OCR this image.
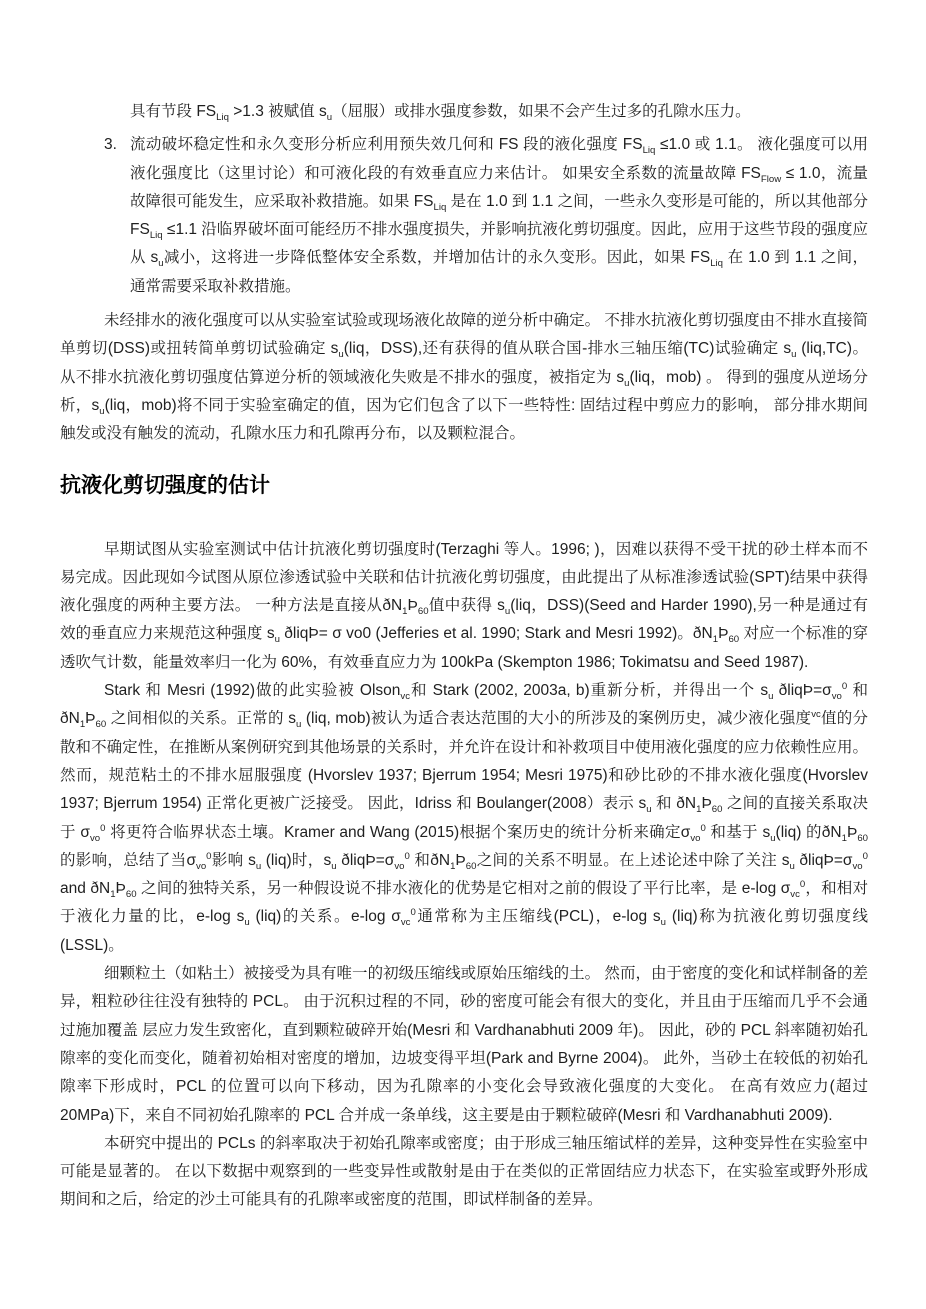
具有节段 $FS_{Liq} >1.3$ 被赋值 $s_u$（屈服）或排水强度参数，如果不会产生过多的孔隙水压力。

3. 流动破坏稳定性和永久变形分析应利用预失效几何和 FS 段的液化强度 $FS_{Liq} \le 1.0$ 或 1.1。 液化强度可以用液化强度比（这里讨论）和可液化段的有效垂直应力来估计。 如果安全系数的流量故障 $FS_{Flow} \le 1.0$，流量故障很可能发生，应采取补救措施。如果 $FS_{Liq}$ 是在 1.0 到 1.1 之间，一些永久变形是可能的，所以其他部分 $FS_{Liq} \le 1.1$ 沿临界破坏面可能经历不排水强度损失，并影响抗液化剪切强度。因此，应用于这些节段的强度应从 $s_u$减小，这将进一步降低整体安全系数，并增加估计的永久变形。因此，如果 $FS_{Liq}$ 在 1.0 到 1.1 之间，通常需要采取补救措施。

未经排水的液化强度可以从实验室试验或现场液化故障的逆分析中确定。 不排水抗液化剪切强度由不排水直接简单剪切(DSS)或扭转简单剪切试验确定 $s_u(liq$，DSS),还有获得的值从联合国-排水三轴压缩(TC)试验确定 $s_u$ (liq,TC)。 从不排水抗液化剪切强度估算逆分析的领域液化失败是不排水的强度，被指定为 $s_u(liq$，mob) 。 得到的强度从逆场分析，$s_u(liq$，mob)将不同于实验室确定的值，因为它们包含了以下一些特性: 固结过程中剪应力的影响， 部分排水期间触发或没有触发的流动，孔隙水压力和孔隙再分布，以及颗粒混合。

抗液化剪切强度的估计

早期试图从实验室测试中估计抗液化剪切强度时(Terzaghi 等人。1996; )，因难以获得不受干扰的砂土样本而不易完成。因此现如今试图从原位渗透试验中关联和估计抗液化剪切强度，由此提出了从标准渗透试验(SPT)结果中获得液化强度的两种主要方法。 一种方法是直接从$ðN_1Þ_{60}$值中获得 $s_u(liq$，DSS)(Seed and Harder 1990),另一种是通过有效的垂直应力来规范这种强度 $s_u$ ðliqÞ= σ vo0 (Jefferies et al. 1990; Stark and Mesri 1992)。$ðN_1Þ_{60}$ 对应一个标准的穿透吹气计数，能量效率归一化为 60%，有效垂直应力为 100kPa (Skempton 1986; Tokimatsu and Seed 1987).

Stark 和 Mesri (1992)做的此实验被 Olson$_{vc}$和 Stark (2002, 2003a, b)重新分析，并得出一个 $s_u$ $ðliqÞ=\sigma_{vo}^0$ 和 $ðN_1Þ_{60}$ 之间相似的关系。正常的 $s_u$ (liq, mob)被认为适合表达范围的大小的所涉及的案例历史，减少液化强度$^{vc}$值的分散和不确定性，在推断从案例研究到其他场景的关系时，并允许在设计和补救项目中使用液化强度的应力依赖性应用。 然而，规范粘土的不排水屈服强度 (Hvorslev 1937; Bjerrum 1954; Mesri 1975)和砂比砂的不排水液化强度(Hvorslev 1937; Bjerrum 1954) 正常化更被广泛接受。 因此，Idriss 和 Boulanger(2008）表示 $s_u$ 和 $ðN_1Þ_{60}$ 之间的直接关系取决于 $\sigma_{vo}^0$ 将更符合临界状态土壤。Kramer and Wang (2015)根据个案历史的统计分析来确定$\sigma_{vo}^0$ 和基于 $s_u(liq)$ 的$ðN_1Þ_{60}$ 的影响，总结了当$\sigma_{vo}^0$影响 $s_u$ (liq)时，$s_u$ $ðliqÞ=\sigma_{vo}^0$ 和$ðN_1Þ_{60}$之间的关系不明显。在上述论述中除了关注 $s_u$ $ðliqÞ=\sigma_{vo}^0$ and $ðN_1Þ_{60}$ 之间的独特关系，另一种假设说不排水液化的优势是它相对之前的假设了平行比率，是 e-log $\sigma_{vc}^0$，和相对于液化力量的比，e-log $s_u$ (liq)的关系。e-log $\sigma_{vc}^0$通常称为主压缩线(PCL)，e-log $s_u$ (liq)称为抗液化剪切强度线(LSSL)。

细颗粒土（如粘土）被接受为具有唯一的初级压缩线或原始压缩线的土。 然而，由于密度的变化和试样制备的差异，粗粒砂往往没有独特的 PCL。 由于沉积过程的不同，砂的密度可能会有很大的变化，并且由于压缩而几乎不会通过施加覆盖 层应力发生致密化，直到颗粒破碎开始(Mesri 和 Vardhanabhuti 2009 年)。 因此，砂的 PCL 斜率随初始孔隙率的变化而变化，随着初始相对密度的增加，边坡变得平坦(Park and Byrne 2004)。 此外，当砂土在较低的初始孔隙率下形成时，PCL 的位置可以向下移动，因为孔隙率的小变化会导致液化强度的大变化。 在高有效应力(超过 20MPa)下，来自不同初始孔隙率的 PCL 合并成一条单线，这主要是由于颗粒破碎(Mesri 和 Vardhanabhuti 2009).

本研究中提出的 PCLs 的斜率取决于初始孔隙率或密度；由于形成三轴压缩试样的差异，这种变异性在实验室中可能是显著的。 在以下数据中观察到的一些变异性或散射是由于在类似的正常固结应力状态下，在实验室或野外形成期间和之后，给定的沙土可能具有的孔隙率或密度的范围，即试样制备的差异。
